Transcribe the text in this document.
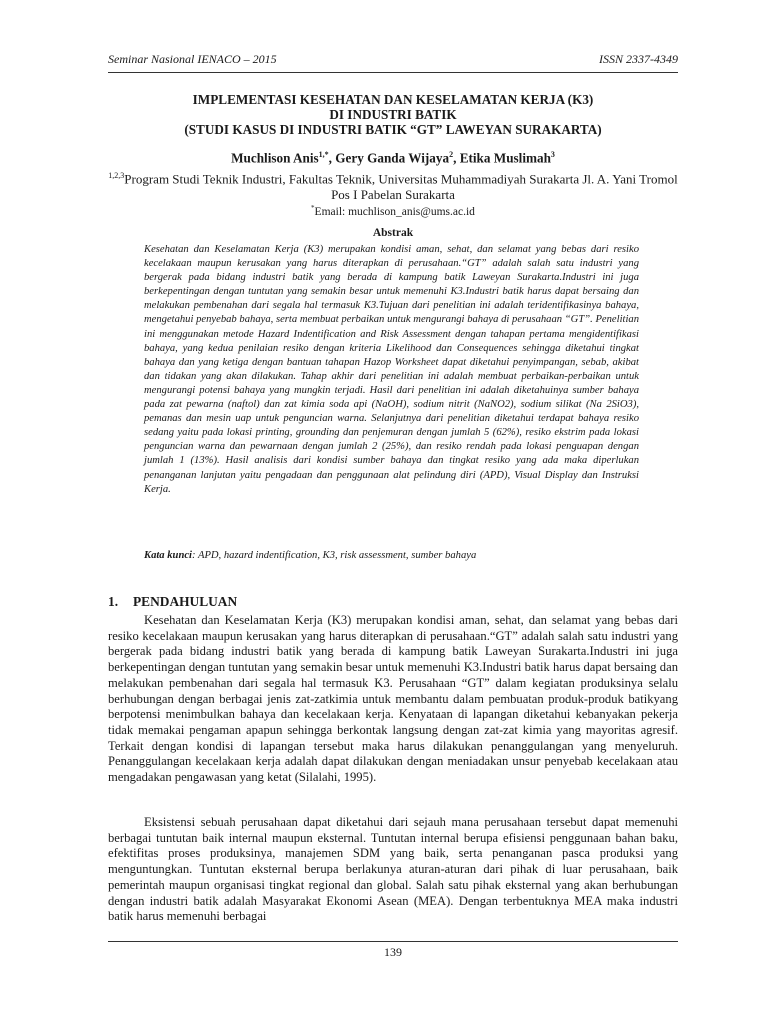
Seminar Nasional IENACO – 2015	ISSN 2337-4349

IMPLEMENTASI KESEHATAN DAN KESELAMATAN KERJA (K3)

DI INDUSTRI BATIK

(STUDI KASUS DI INDUSTRI BATIK “GT” LAWEYAN SURAKARTA)

Muchlison Anis$^{1,*}$, Gery Ganda Wijaya$^2$, Etika Muslimah$^3$
$^{1,2,3}$Program Studi Teknik Industri, Fakultas Teknik, Universitas Muhammadiyah Surakarta Jl. A. Yani Tromol Pos I Pabelan Surakarta
*Email: muchlison_anis@ums.ac.id
Abstrak

Kesehatan dan Keselamatan Kerja (K3) merupakan kondisi aman, sehat, dan selamat yang bebas dari resiko kecelakaan maupun kerusakan yang harus diterapkan di perusahaan.“GT” adalah salah satu industri yang bergerak pada bidang industri batik yang berada di kampung batik Laweyan Surakarta.Industri ini juga berkepentingan dengan tuntutan yang semakin besar untuk memenuhi K3.Industri batik harus dapat bersaing dan melakukan pembenahan dari segala hal termasuk K3.Tujuan dari penelitian ini adalah teridentifikasinya bahaya, mengetahui penyebab bahaya, serta membuat perbaikan untuk mengurangi bahaya di perusahaan “GT”. Penelitian ini menggunakan metode Hazard Indentification and Risk Assessment dengan tahapan pertama mengidentifikasi bahaya, yang kedua penilaian resiko dengan kriteria Likelihood dan Consequences sehingga diketahui tingkat bahaya dan yang ketiga dengan bantuan tahapan Hazop Worksheet dapat diketahui penyimpangan, sebab, akibat dan tidakan yang akan dilakukan. Tahap akhir dari penelitian ini adalah membuat perbaikan-perbaikan untuk mengurangi potensi bahaya yang mungkin terjadi. Hasil dari penelitian ini adalah diketahuinya sumber bahaya pada zat pewarna (naftol) dan zat kimia soda api (NaOH), sodium nitrit (NaNO2), sodium silikat (Na 2SiO3), pemanas dan mesin uap untuk penguncian warna. Selanjutnya dari penelitian diketahui terdapat bahaya resiko sedang yaitu pada lokasi printing, grounding dan penjemuran dengan jumlah 5 (62%), resiko ekstrim pada lokasi penguncian warna dan pewarnaan dengan jumlah 2 (25%), dan resiko rendah pada lokasi penguapan dengan jumlah 1 (13%). Hasil analisis dari kondisi sumber bahaya dan tingkat resiko yang ada maka diperlukan penanganan lanjutan yaitu pengadaan dan penggunaan alat pelindung diri (APD), Visual Display dan Instruksi Kerja.

Kata kunci: APD, hazard indentification, K3, risk assessment, sumber bahaya
1. PENDAHULUAN

Kesehatan dan Keselamatan Kerja (K3) merupakan kondisi aman, sehat, dan selamat yang bebas dari resiko kecelakaan maupun kerusakan yang harus diterapkan di perusahaan.“GT” adalah salah satu industri yang bergerak pada bidang industri batik yang berada di kampung batik Laweyan Surakarta.Industri ini juga berkepentingan dengan tuntutan yang semakin besar untuk memenuhi K3.Industri batik harus dapat bersaing dan melakukan pembenahan dari segala hal termasuk K3. Perusahaan “GT” dalam kegiatan produksinya selalu berhubungan dengan berbagai jenis zat-zatkimia untuk membantu dalam pembuatan produk-produk batikyang berpotensi menimbulkan bahaya dan kecelakaan kerja. Kenyataan di lapangan diketahui kebanyakan pekerja tidak memakai pengaman apapun sehingga berkontak langsung dengan zat-zat kimia yang mayoritas agresif. Terkait dengan kondisi di lapangan tersebut maka harus dilakukan penanggulangan yang menyeluruh. Penanggulangan kecelakaan kerja adalah dapat dilakukan dengan meniadakan unsur penyebab kecelakaan atau mengadakan pengawasan yang ketat (Silalahi, 1995).

Eksistensi sebuah perusahaan dapat diketahui dari sejauh mana perusahaan tersebut dapat memenuhi berbagai tuntutan baik internal maupun eksternal. Tuntutan internal berupa efisiensi penggunaan bahan baku, efektifitas proses produksinya, manajemen SDM yang baik, serta penanganan pasca produksi yang menguntungkan. Tuntutan eksternal berupa berlakunya aturan-aturan dari pihak di luar perusahaan, baik pemerintah maupun organisasi tingkat regional dan global. Salah satu pihak eksternal yang akan berhubungan dengan industri batik adalah Masyarakat Ekonomi Asean (MEA). Dengan terbentuknya MEA maka industri batik harus memenuhi berbagai

139
